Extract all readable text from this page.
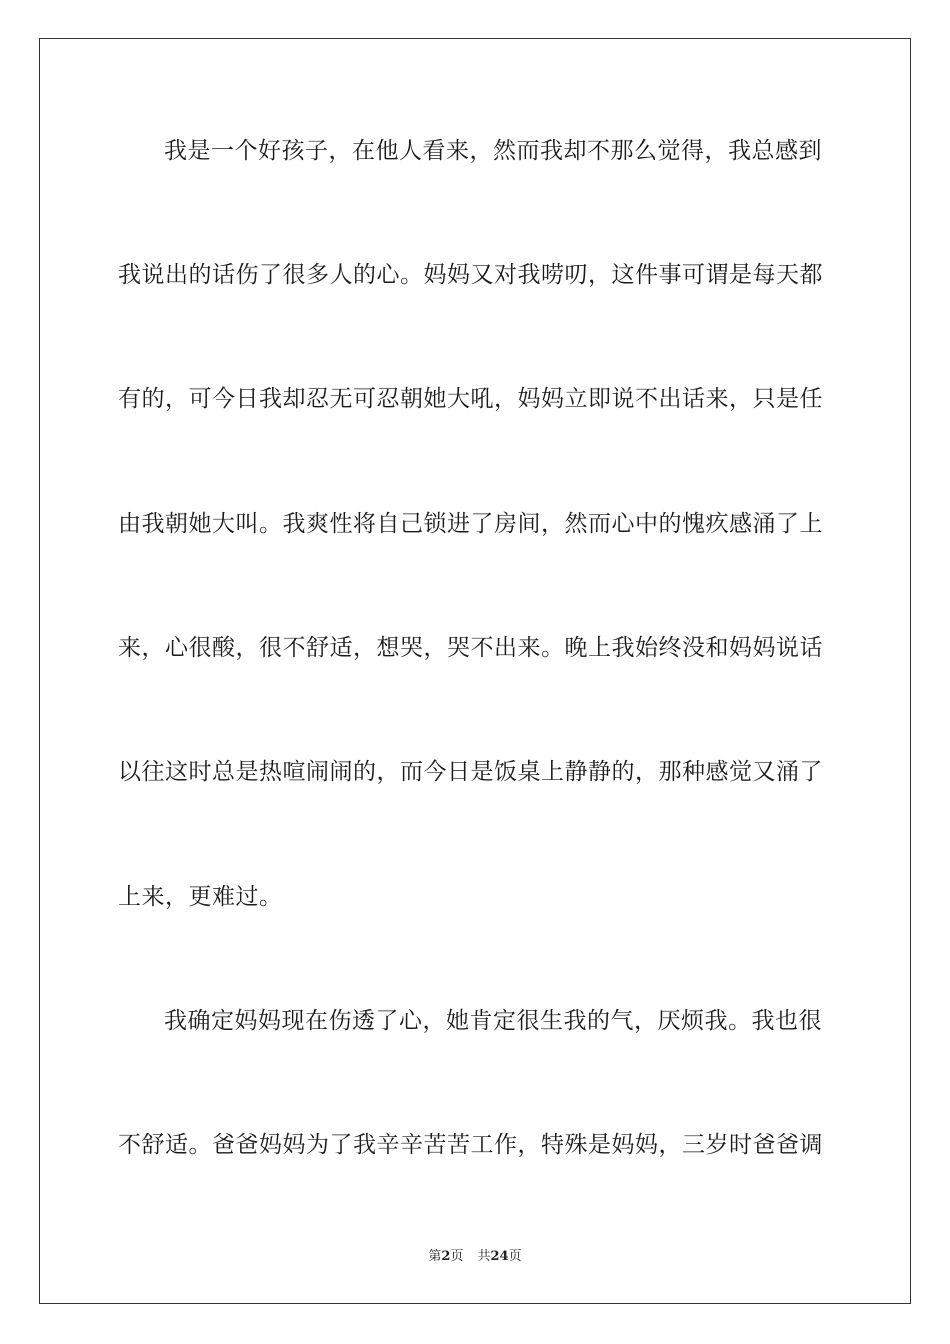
我是一个好孩子，在他人看来，然而我却不那么觉得，我总感到
我说出的话伤了很多人的心。妈妈又对我唠叨，这件事可谓是每天都
有的，可今日我却忍无可忍朝她大吼，妈妈立即说不出话来，只是任
由我朝她大叫。我爽性将自己锁进了房间，然而心中的愧疚感涌了上
来，心很酸，很不舒适，想哭，哭不出来。晚上我始终没和妈妈说话
以往这时总是热喧闹闹的，而今日是饭桌上静静的，那种感觉又涌了
上来，更难过。
我确定妈妈现在伤透了心，她肯定很生我的气，厌烦我。我也很
不舒适。爸爸妈妈为了我辛辛苦苦工作，特殊是妈妈，三岁时爸爸调
第2页 共24页
